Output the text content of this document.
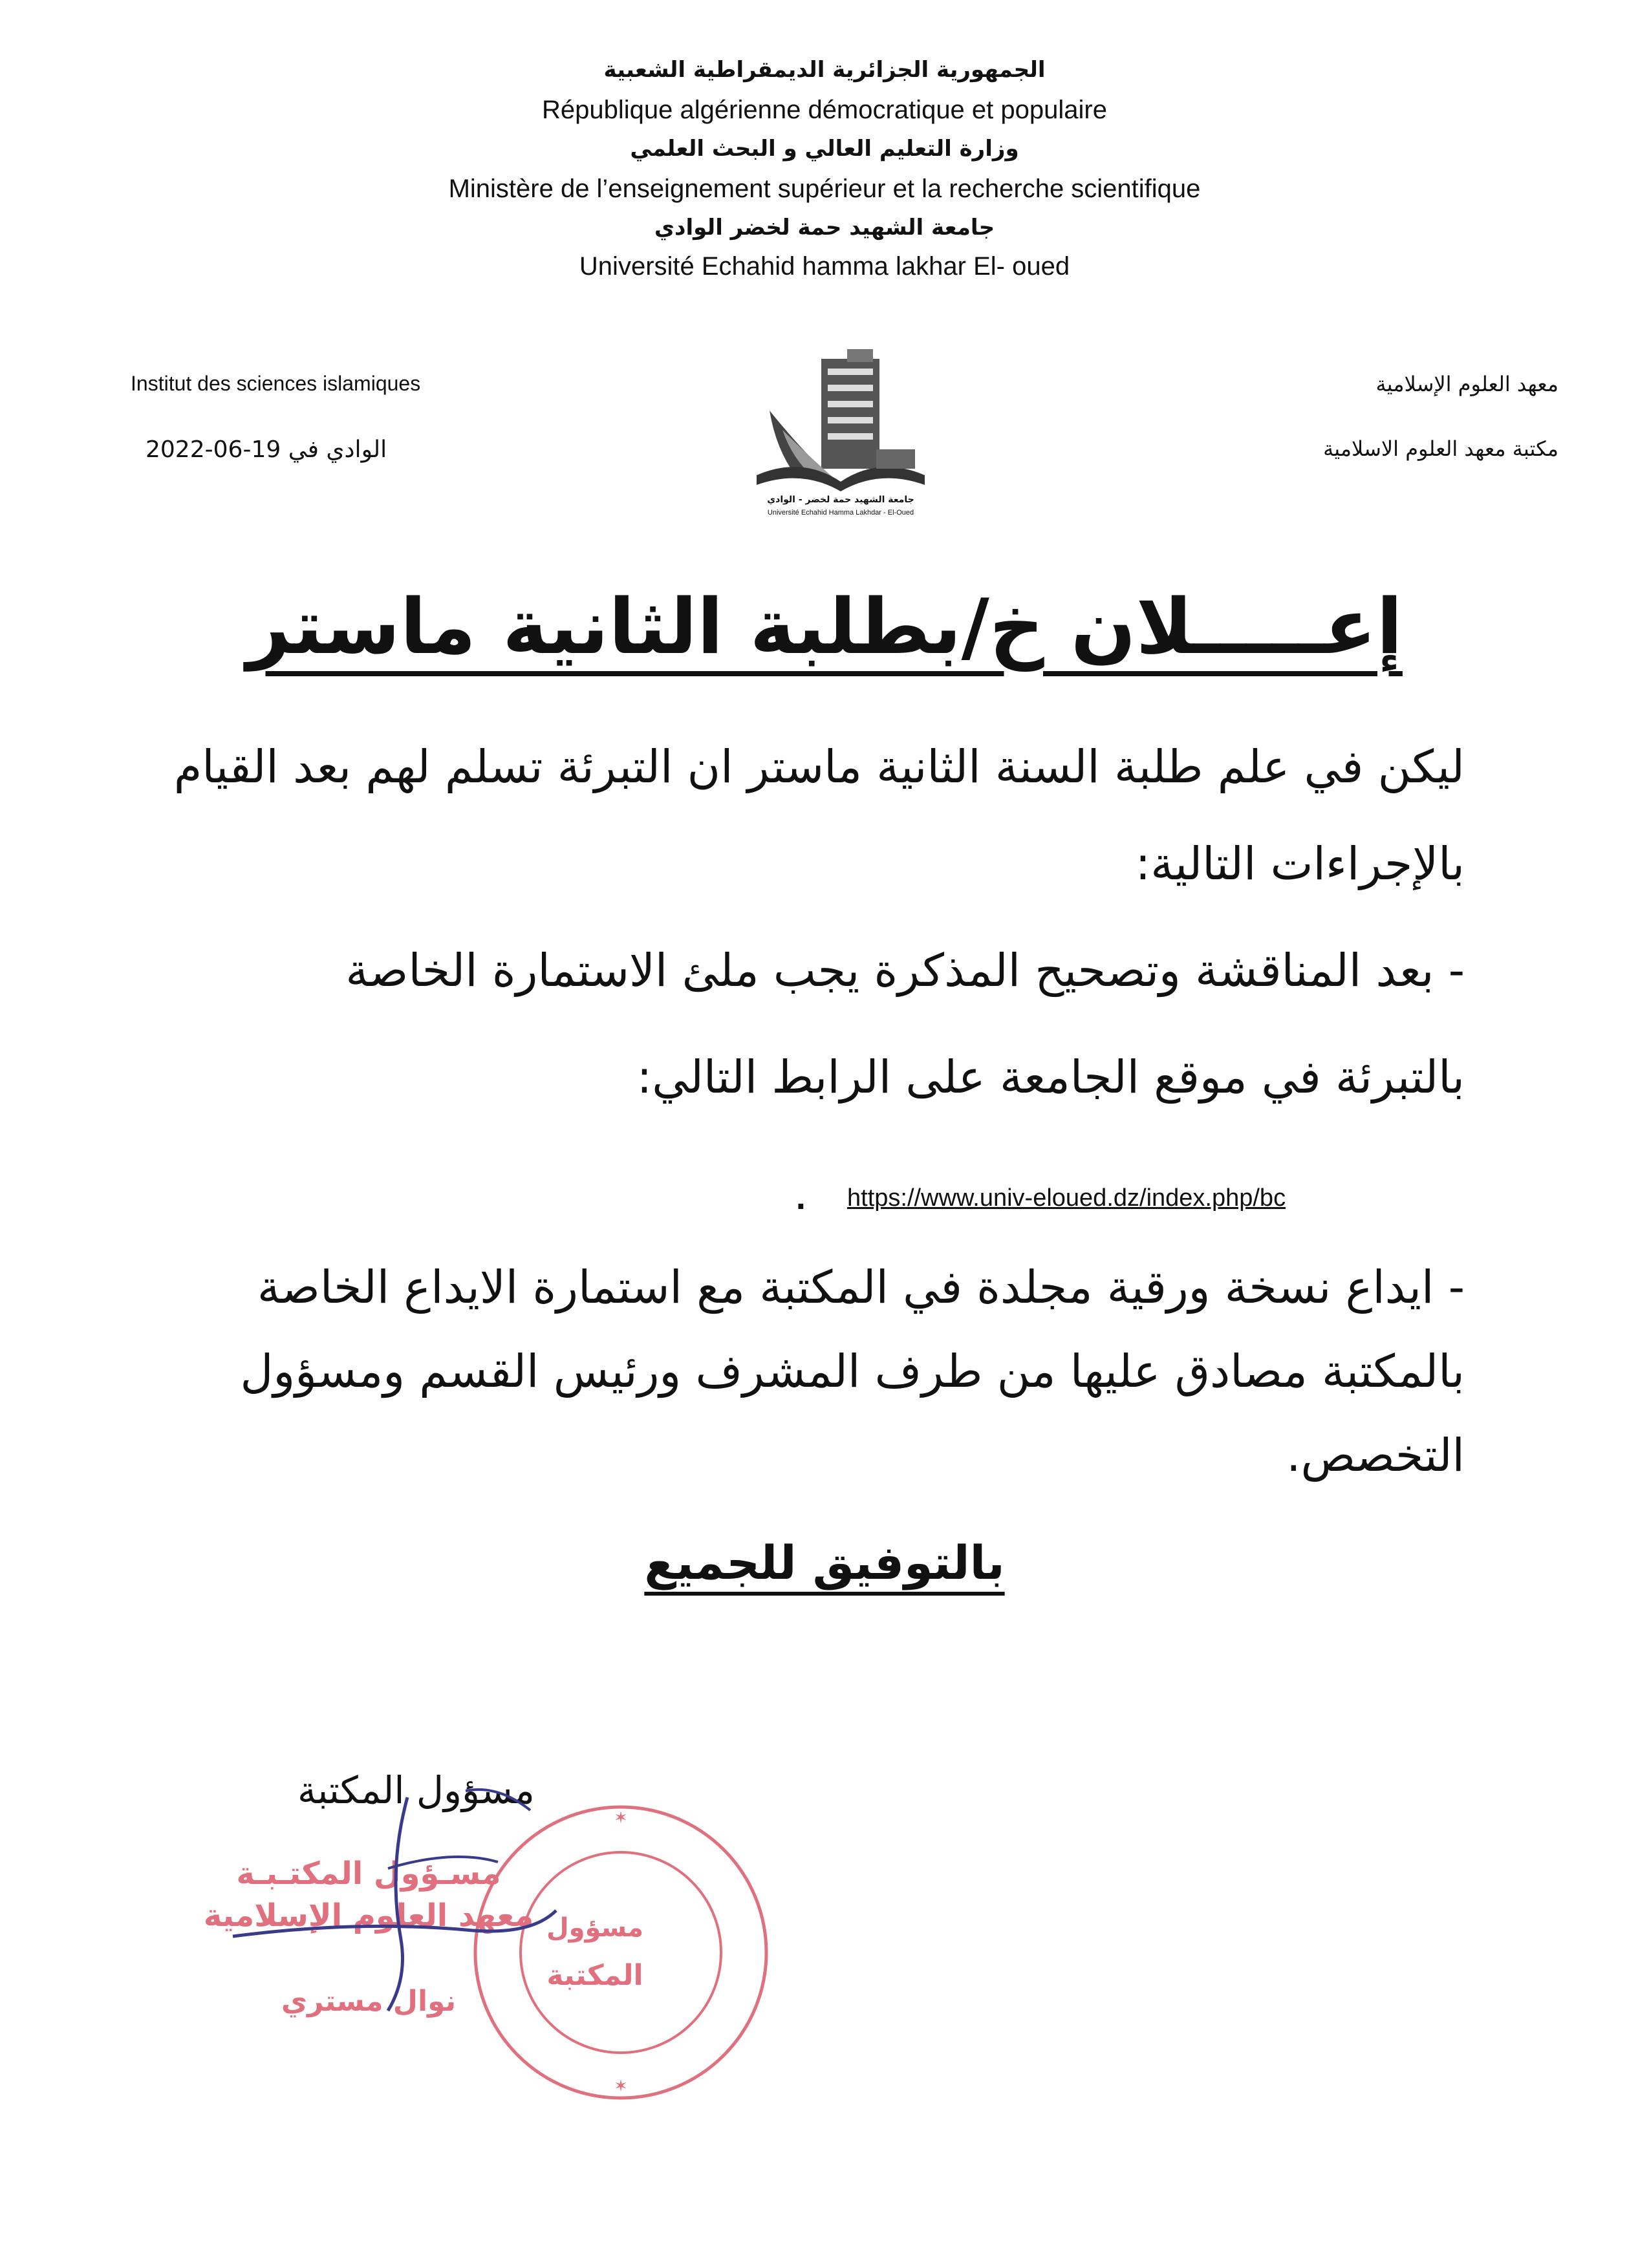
الجمهورية الجزائرية الديمقراطية الشعبية
République algérienne démocratique et populaire
وزارة التعليم العالي و البحث العلمي
Ministère de l’enseignement supérieur et la recherche scientifique
جامعة الشهيد حمة لخضر الوادي
Université Echahid hamma lakhar El- oued
Institut des sciences islamiques
الوادي في 19-06-2022
معهد العلوم الإسلامية
مكتبة معهد العلوم الاسلامية
جامعة الشهيد حمة لخضر - الوادي
Université Echahid Hamma Lakhdar - El-Oued
إعـــــلان خ/بطلبة الثانية ماستر
ليكن في علم طلبة السنة الثانية ماستر ان التبرئة تسلم لهم بعد القيام
بالإجراءات التالية:
- بعد المناقشة وتصحيح المذكرة يجب ملئ الاستمارة الخاصة
بالتبرئة في موقع الجامعة على الرابط التالي:
. https://www.univ-eloued.dz/index.php/bc
- ايداع نسخة ورقية مجلدة في المكتبة مع استمارة الايداع الخاصة
بالمكتبة مصادق عليها من طرف المشرف ورئيس القسم ومسؤول
التخصص.
بالتوفيق للجميع
مسؤول المكتبة
مسـؤول المكتـبـة
معهد العلوم الإسلامية
نوال مستري
✶
✶
مسؤول
المكتبة
